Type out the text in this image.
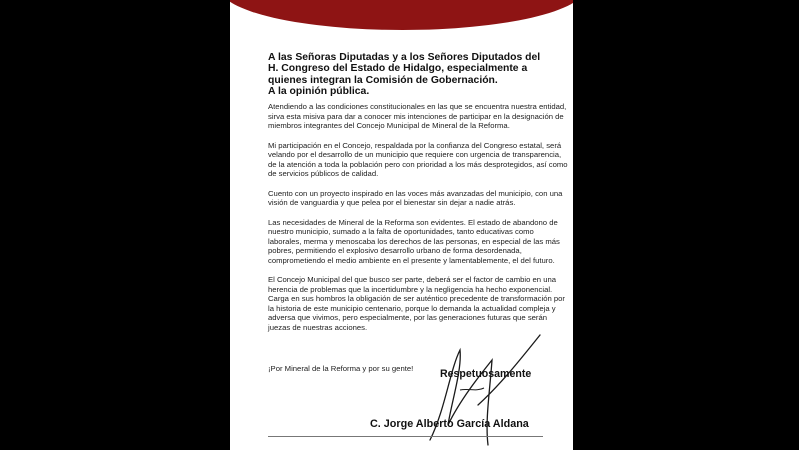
A las Señoras Diputadas y a los Señores Diputados del
H. Congreso del Estado de Hidalgo, especialmente a
quienes integran la Comisión de Gobernación.
A la opinión pública.

Atendiendo a las condiciones constitucionales en las que se encuentra nuestra entidad, sirva esta misiva para dar a conocer mis intenciones de participar en la designación de miembros integrantes del Concejo Municipal de Mineral de la Reforma.

Mi participación en el Concejo, respaldada por la confianza del Congreso estatal, será velando por el desarrollo de un municipio que requiere con urgencia de transparencia, de la atención a toda la población pero con prioridad a los más desprotegidos, así como de servicios públicos de calidad.

Cuento con un proyecto inspirado en las voces más avanzadas del municipio, con una visión de vanguardia y que pelea por el bienestar sin dejar a nadie atrás.

Las necesidades de Mineral de la Reforma son evidentes. El estado de abandono de nuestro municipio, sumado a la falta de oportunidades, tanto educativas como laborales, merma y menoscaba los derechos de las personas, en especial de las más pobres, permitiendo el explosivo desarrollo urbano de forma desordenada, comprometiendo el medio ambiente en el presente y lamentablemente, el del futuro.

El Concejo Municipal del que busco ser parte, deberá ser el factor de cambio en una herencia de problemas que la incertidumbre y la negligencia ha hecho exponencial. Carga en sus hombros la obligación de ser auténtico precedente de transformación por la historia de este municipio centenario, porque lo demanda la actualidad compleja y adversa que vivimos, pero especialmente, por las generaciones futuras que serán juezas de nuestras acciones.

¡Por Mineral de la Reforma y por su gente!	Respetuosamente
C. Jorge Alberto García Aldana
